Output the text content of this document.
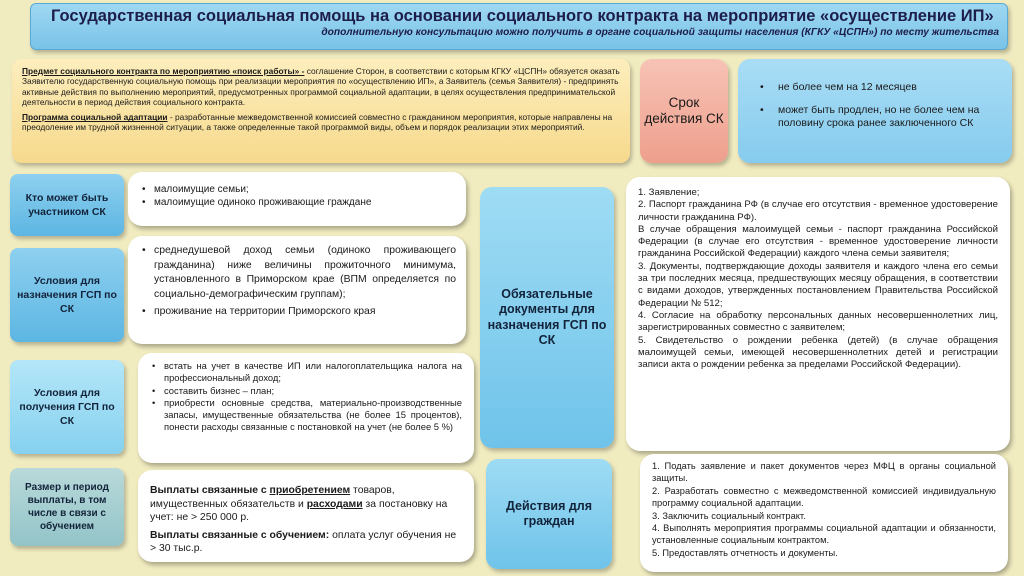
Государственная социальная помощь на основании социального контракта на мероприятие «осуществление ИП»
дополнительную консультацию можно получить в органе социальной защиты населения (КГКУ «ЦСПН») по месту жительства

Предмет социального контракта по мероприятию «поиск работы» - соглашение Сторон, в соответствии с которым КГКУ «ЦСПН» обязуется оказать Заявителю государственную социальную помощь при реализации мероприятия по «осуществлению ИП», а Заявитель (семья Заявителя) - предпринять активные действия по выполнению мероприятий, предусмотренных программой социальной адаптации, в целях осуществления предпринимательской деятельности в период действия социального контракта.

Программа социальной адаптации - разработанные межведомственной комиссией совместно с гражданином мероприятия, которые направлены на преодоление им трудной жизненной ситуации, а также определенные такой программой виды, объем и порядок реализации этих мероприятий.

Срок действия СК
• не более чем на 12 месяцев
• может быть продлен, но не более чем на половину срока ранее заключенного СК
Кто может быть участником СК
• малоимущие семьи;
• малоимущие одиноко проживающие граждане
Условия для назначения ГСП по СК
• среднедушевой доход семьи (одиноко проживающего гражданина) ниже величины прожиточного минимума, установленного в Приморском крае (ВПМ определяется по социально-демографическим группам);
• проживание на территории Приморского края
Условия для получения ГСП по СК
• встать на учет в качестве ИП или налогоплательщика налога на профессиональный доход;
• составить бизнес – план;
• приобрести основные средства, материально-производственные запасы, имущественные обязательства (не более 15 процентов), понести расходы связанные с постановкой на учет (не более 5 %)
Размер и период выплаты, в том числе в связи с обучением

Выплаты связанные с приобретением товаров, имущественных обязательств и расходами за постановку на учет: не > 250 000 р.

Выплаты связанные с обучением: оплата услуг обучения не > 30 тыс.р.

Обязательные документы для назначения ГСП по СК
1. Заявление;
2. Паспорт гражданина РФ (в случае его отсутствия - временное удостоверение личности гражданина РФ).
В случае обращения малоимущей семьи - паспорт гражданина Российской Федерации (в случае его отсутствия - временное удостоверение личности гражданина Российской Федерации) каждого члена семьи заявителя;
3. Документы, подтверждающие доходы заявителя и каждого члена его семьи за три последних месяца, предшествующих месяцу обращения, в соответствии с видами доходов, утвержденных постановлением Правительства Российской Федерации № 512;
4. Согласие на обработку персональных данных несовершеннолетних лиц, зарегистрированных совместно с заявителем;
5. Свидетельство о рождении ребенка (детей) (в случае обращения малоимущей семьи, имеющей несовершеннолетних детей и регистрации записи акта о рождении ребенка за пределами Российской Федерации).
Действия для граждан
1. Подать заявление и пакет документов через МФЦ в органы социальной защиты.
2. Разработать совместно с межведомственной комиссией индивидуальную программу социальной адаптации.
3. Заключить социальный контракт.
4. Выполнять мероприятия программы социальной адаптации и обязанности, установленные социальным контрактом.
5. Предоставлять отчетность и документы.
